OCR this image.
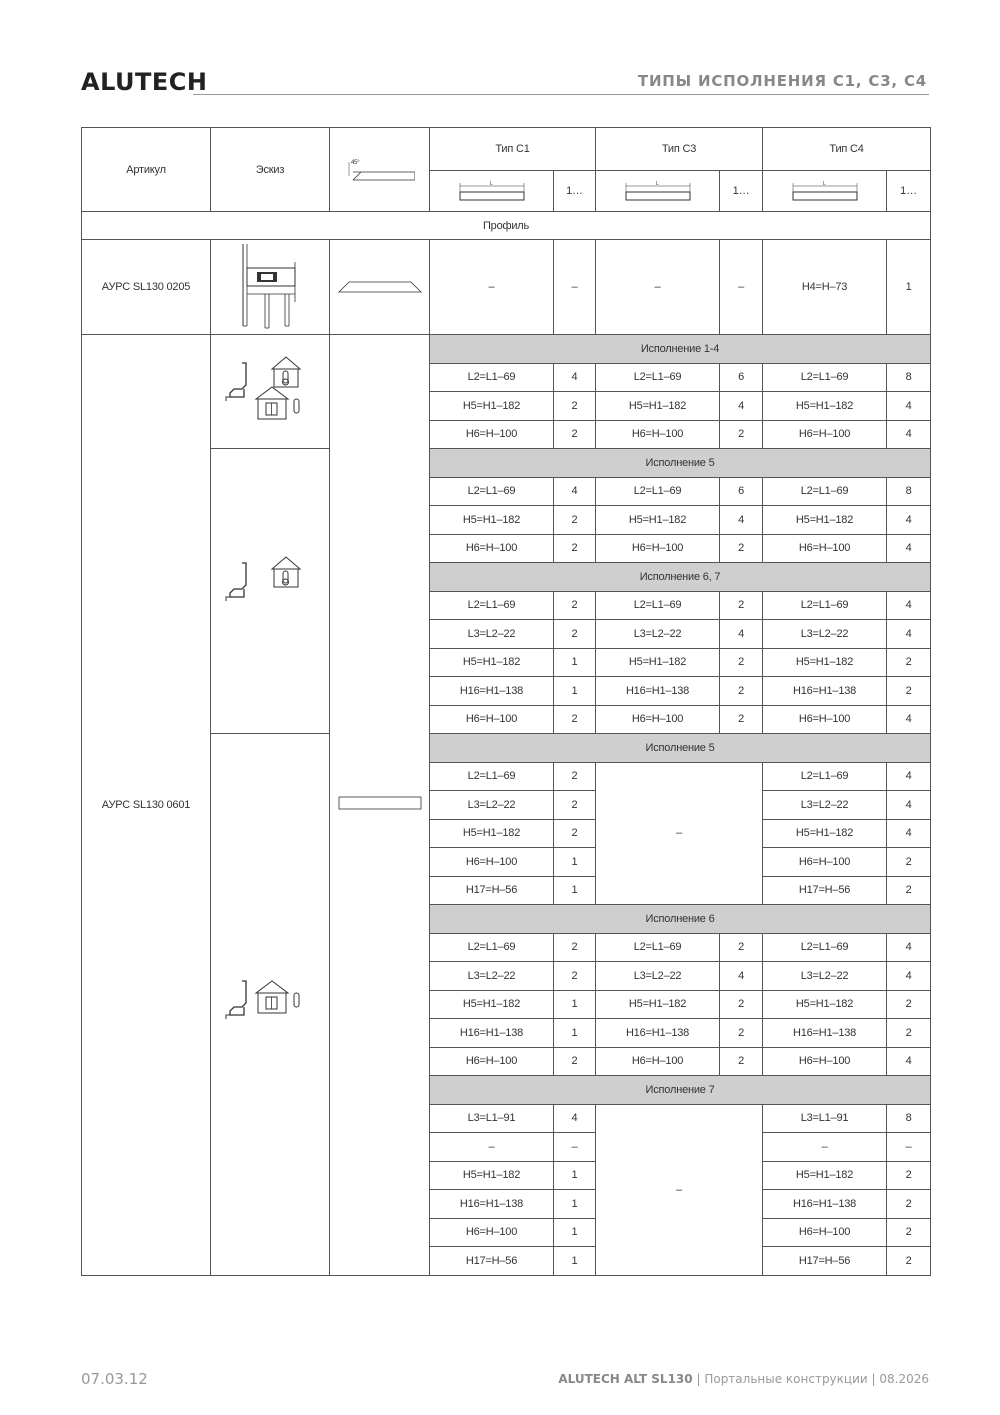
ALUTECH	ТИПЫ ИСПОЛНЕНИЯ С1, С3, С4
Артикул	Эскиз	45°	Тип С1		Тип С3		Тип С4	

L	1…	L	1…	L	1…
Профиль								
АУРС SL130 0205			–	–	–	–	H4=H–73	1
АУРС SL130 0601			Исполнение 1-4					
			L2=L1–69	4	L2=L1–69	6	L2=L1–69	8
			H5=H1–182	2	H5=H1–182	4	H5=H1–182	4
			H6=H–100	2	H6=H–100	2	H6=H–100	4
	Исполнение 5					
			L2=L1–69	4	L2=L1–69	6	L2=L1–69	8
			H5=H1–182	2	H5=H1–182	4	H5=H1–182	4
			H6=H–100	2	H6=H–100	2	H6=H–100	4
			Исполнение 6, 7					
			L2=L1–69	2	L2=L1–69	2	L2=L1–69	4
			L3=L2–22	2	L3=L2–22	4	L3=L2–22	4
			H5=H1–182	1	H5=H1–182	2	H5=H1–182	2
			H16=H1–138	1	H16=H1–138	2	H16=H1–138	2
			H6=H–100	2	H6=H–100	2	H6=H–100	4
	Исполнение 5					
			L2=L1–69	2	–		L2=L1–69	4
			L3=L2–22	2			L3=L2–22	4
			H5=H1–182	2			H5=H1–182	4
			H6=H–100	1			H6=H–100	2
			H17=H–56	1			H17=H–56	2
			Исполнение 6					
			L2=L1–69	2	L2=L1–69	2	L2=L1–69	4
			L3=L2–22	2	L3=L2–22	4	L3=L2–22	4
			H5=H1–182	1	H5=H1–182	2	H5=H1–182	2
			H16=H1–138	1	H16=H1–138	2	H16=H1–138	2
			H6=H–100	2	H6=H–100	2	H6=H–100	4
			Исполнение 7					
			L3=L1–91	4	–		L3=L1–91	8
			–	–			–	–
			H5=H1–182	1			H5=H1–182	2
			H16=H1–138	1			H16=H1–138	2
			H6=H–100	1			H6=H–100	2
			H17=H–56	1			H17=H–56	2
07.03.12	ALUTECH ALT SL130 | Портальные конструкции | 08.2026
